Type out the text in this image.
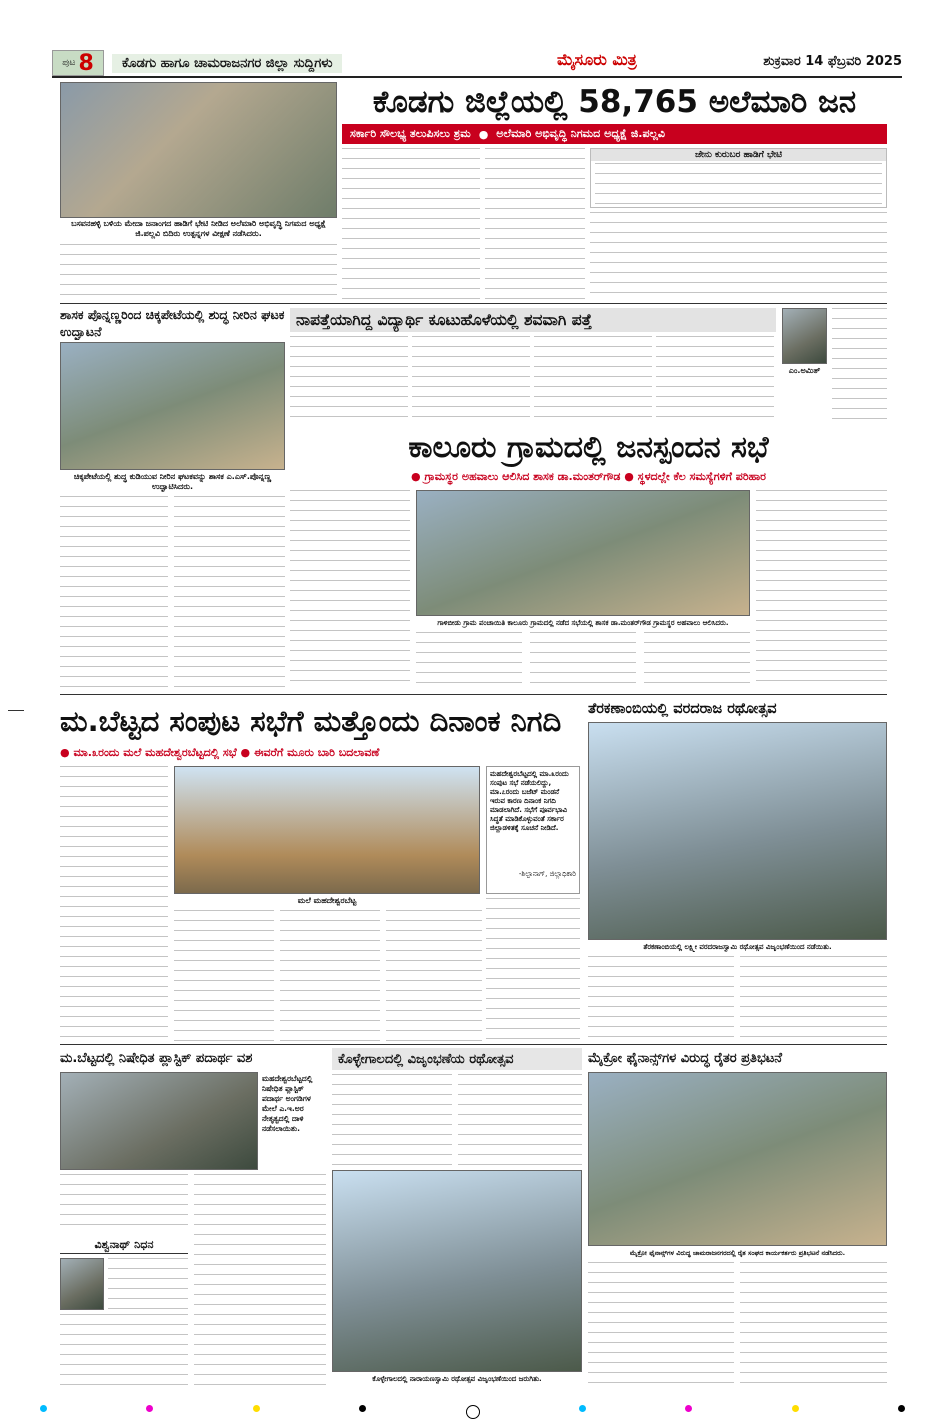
ಪುಟ 8	ಕೊಡಗು ಹಾಗೂ ಚಾಮರಾಜನಗರ ಜಿಲ್ಲಾ ಸುದ್ದಿಗಳು	ಮೈಸೂರು ಮಿತ್ರ	ಶುಕ್ರವಾರ 14 ಫೆಬ್ರವರಿ 2025
ಬಸವನಹಳ್ಳಿ ಬಳಿಯ ಮೇದಾ ಜನಾಂಗದ ಹಾಡಿಗೆ ಭೇಟಿ ನೀಡಿದ ಅಲೆಮಾರಿ ಅಭಿವೃದ್ಧಿ ನಿಗಮದ ಅಧ್ಯಕ್ಷೆ ಜಿ.ಪಲ್ಲವಿ ಬಿದಿರು ಉತ್ಪನ್ನಗಳ ವೀಕ್ಷಣೆ ನಡೆಸಿದರು.
ಕೊಡಗು ಜಿಲ್ಲೆಯಲ್ಲಿ 58,765 ಅಲೆಮಾರಿ ಜನ
ಸರ್ಕಾರಿ ಸೌಲಭ್ಯ ತಲುಪಿಸಲು ಶ್ರಮ ● ಅಲೆಮಾರಿ ಅಭಿವೃದ್ಧಿ ನಿಗಮದ ಅಧ್ಯಕ್ಷೆ ಜಿ.ಪಲ್ಲವಿ
ಜೇನು ಕುರುಬರ ಹಾಡಿಗೆ ಭೇಟಿ
ಶಾಸಕ ಪೊನ್ನಣ್ಣರಿಂದ ಚಿಕ್ಕಪೇಟೆಯಲ್ಲಿ ಶುದ್ಧ ನೀರಿನ ಘಟಕ ಉದ್ಘಾಟನೆ
ಚಿಕ್ಕಪೇಟೆಯಲ್ಲಿ ಶುದ್ಧ ಕುಡಿಯುವ ನೀರಿನ ಘಟಕವನ್ನು ಶಾಸಕ ಎ.ಎಸ್.ಪೊನ್ನಣ್ಣ ಉದ್ಘಾಟಿಸಿದರು.
ನಾಪತ್ತೆಯಾಗಿದ್ದ ವಿದ್ಯಾರ್ಥಿ ಕೂಟುಹೊಳೆಯಲ್ಲಿ ಶವವಾಗಿ ಪತ್ತೆ
ಎಂ.ಅಮಿತ್
ಕಾಲೂರು ಗ್ರಾಮದಲ್ಲಿ ಜನಸ್ಪಂದನ ಸಭೆ
● ಗ್ರಾಮಸ್ಥರ ಅಹವಾಲು ಆಲಿಸಿದ ಶಾಸಕ ಡಾ.ಮಂತರ್‌ಗೌಡ ● ಸ್ಥಳದಲ್ಲೇ ಕೆಲ ಸಮಸ್ಯೆಗಳಿಗೆ ಪರಿಹಾರ
ಗಾಳಿಬೀಡು ಗ್ರಾಮ ಪಂಚಾಯಿತಿ ಕಾಲೂರು ಗ್ರಾಮದಲ್ಲಿ ನಡೆದ ಸಭೆಯಲ್ಲಿ ಶಾಸಕ ಡಾ.ಮಂತರ್‌ಗೌಡ ಗ್ರಾಮಸ್ಥರ ಅಹವಾಲು ಆಲಿಸಿದರು.
ಮ.ಬೆಟ್ಟದ ಸಂಪುಟ ಸಭೆಗೆ ಮತ್ತೊಂದು ದಿನಾಂಕ ನಿಗದಿ
● ಮಾ.೩ರಂದು ಮಲೆ ಮಹದೇಶ್ವರಬೆಟ್ಟದಲ್ಲಿ ಸಭೆ ● ಈವರೆಗೆ ಮೂರು ಬಾರಿ ಬದಲಾವಣೆ
ಮಲೆ ಮಹದೇಶ್ವರಬೆಟ್ಟ
ಮಹದೇಶ್ವರಬೆಟ್ಟದಲ್ಲಿ ಮಾ.೩ರಂದು ಸಂಪುಟ ಸಭೆ ನಡೆಯಲಿದ್ದು, ಮಾ.೭ರಂದು ಬಜೆಟ್ ಮಂಡನೆ ಇರುವ ಕಾರಣ ದಿನಾಂಕ ನಿಗದಿ ಮಾಡಲಾಗಿದೆ. ಸಭೆಗೆ ಪೂರ್ವಭಾವಿ ಸಿದ್ಧತೆ ಮಾಡಿಕೊಳ್ಳುವಂತೆ ಸರ್ಕಾರ ಜಿಲ್ಲಾಡಳಿತಕ್ಕೆ ಸೂಚನೆ ನೀಡಿದೆ.
-ಶಿಲ್ಪಾನಾಗ್, ಜಿಲ್ಲಾಧಿಕಾರಿ
ತೆರಕಣಾಂಬಿಯಲ್ಲಿ ವರದರಾಜ ರಥೋತ್ಸವ
ತೆರಕಣಾಂಬಿಯಲ್ಲಿ ಲಕ್ಷ್ಮೀ ವರದರಾಜಸ್ವಾಮಿ ರಥೋತ್ಸವ ವಿಜೃಂಭಣೆಯಿಂದ ನಡೆಯಿತು.
ಮ.ಬೆಟ್ಟದಲ್ಲಿ ನಿಷೇಧಿತ ಪ್ಲಾಸ್ಟಿಕ್ ಪದಾರ್ಥ ವಶ
ಮಹದೇಶ್ವರಬೆಟ್ಟದಲ್ಲಿ ನಿಷೇಧಿತ ಪ್ಲಾಸ್ಟಿಕ್ ಪದಾರ್ಥ ಅಂಗಡಿಗಳ ಮೇಲೆ ಎ.ಇ.ಅರ ನೇತೃತ್ವದಲ್ಲಿ ದಾಳಿ ನಡೆಸಲಾಯಿತು.
ವಿಶ್ವನಾಥ್ ನಿಧನ
ಕೊಳ್ಳೇಗಾಲದಲ್ಲಿ ವಿಜೃಂಭಣೆಯ ರಥೋತ್ಸವ
ಕೊಳ್ಳೇಗಾಲದಲ್ಲಿ ನಾರಾಯಣಸ್ವಾಮಿ ರಥೋತ್ಸವ ವಿಜೃಂಭಣೆಯಿಂದ ಜರುಗಿತು.
ಮೈಕ್ರೋ ಫೈನಾನ್ಸ್‌ಗಳ ವಿರುದ್ಧ ರೈತರ ಪ್ರತಿಭಟನೆ
ಮೈಕ್ರೋ ಫೈನಾನ್ಸ್‌ಗಳ ವಿರುದ್ಧ ಚಾಮರಾಜನಗರದಲ್ಲಿ ರೈತ ಸಂಘದ ಕಾರ್ಯಕರ್ತರು ಪ್ರತಿಭಟನೆ ನಡೆಸಿದರು.
